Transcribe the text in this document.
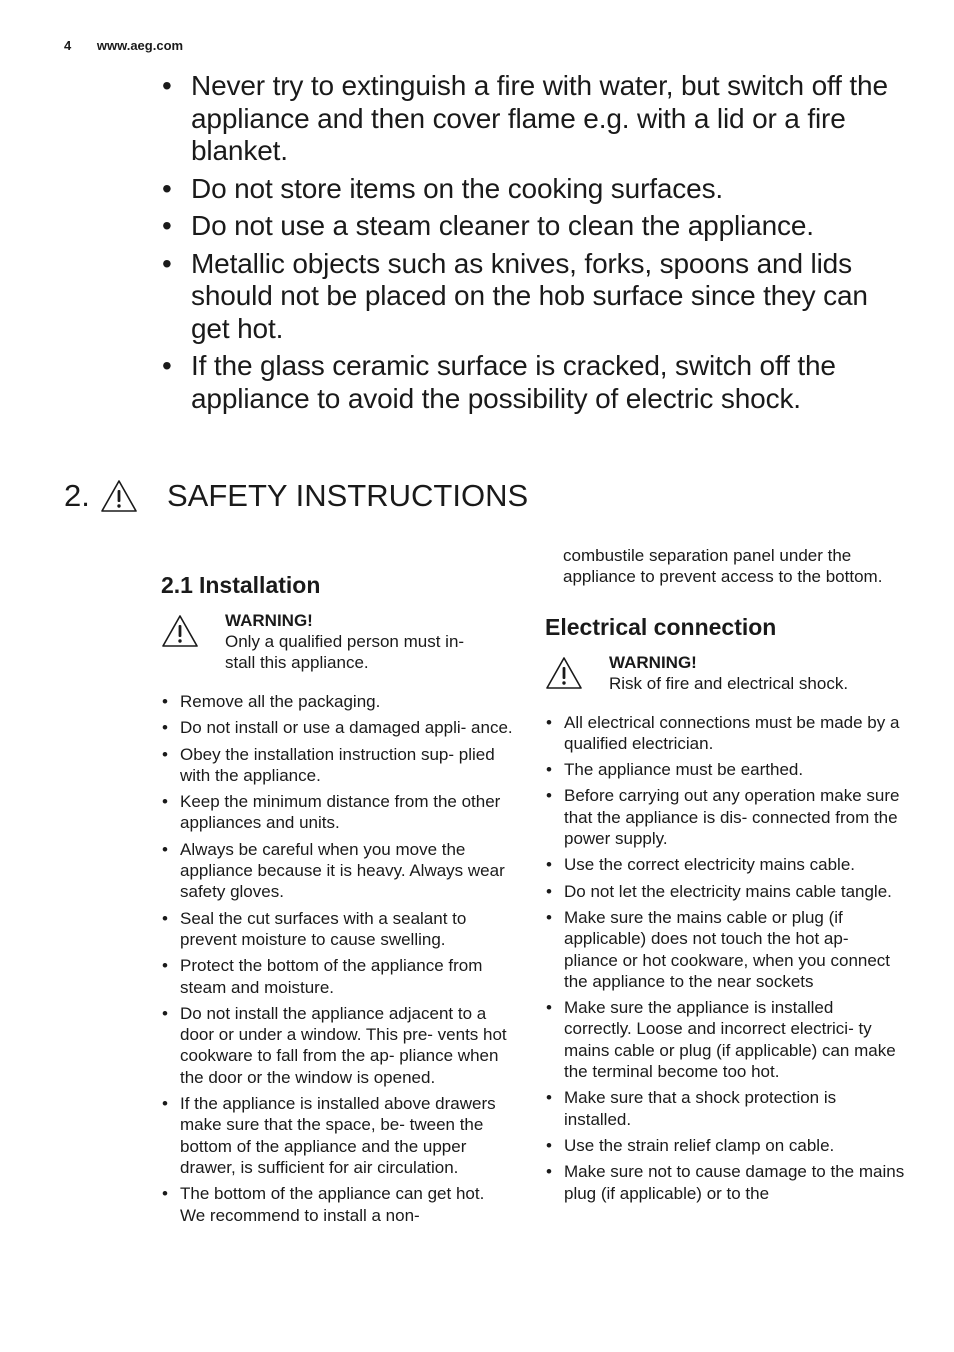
4 www.aeg.com
• Never try to extinguish a fire with water, but switch off the appliance and then cover flame e.g. with a lid or a fire blanket.
• Do not store items on the cooking surfaces.
• Do not use a steam cleaner to clean the appliance.
• Metallic objects such as knives, forks, spoons and lids should not be placed on the hob surface since they can get hot.
• If the glass ceramic surface is cracked, switch off the appliance to avoid the possibility of electric shock.
2. SAFETY INSTRUCTIONS
2.1 Installation
WARNING!
Only a qualified person must in-
stall this appliance.
• Remove all the packaging.
• Do not install or use a damaged appli- ance.
• Obey the installation instruction sup- plied with the appliance.
• Keep the minimum distance from the other appliances and units.
• Always be careful when you move the appliance because it is heavy. Always wear safety gloves.
• Seal the cut surfaces with a sealant to prevent moisture to cause swelling.
• Protect the bottom of the appliance from steam and moisture.
• Do not install the appliance adjacent to a door or under a window. This pre- vents hot cookware to fall from the ap- pliance when the door or the window is opened.
• If the appliance is installed above drawers make sure that the space, be- tween the bottom of the appliance and the upper drawer, is sufficient for air circulation.
• The bottom of the appliance can get hot. We recommend to install a non-

combustile separation panel under the appliance to prevent access to the bottom.

Electrical connection
WARNING!
Risk of fire and electrical shock.
• All electrical connections must be made by a qualified electrician.
• The appliance must be earthed.
• Before carrying out any operation make sure that the appliance is dis- connected from the power supply.
• Use the correct electricity mains cable.
• Do not let the electricity mains cable tangle.
• Make sure the mains cable or plug (if applicable) does not touch the hot ap- pliance or hot cookware, when you connect the appliance to the near sockets
• Make sure the appliance is installed correctly. Loose and incorrect electrici- ty mains cable or plug (if applicable) can make the terminal become too hot.
• Make sure that a shock protection is installed.
• Use the strain relief clamp on cable.
• Make sure not to cause damage to the mains plug (if applicable) or to the
